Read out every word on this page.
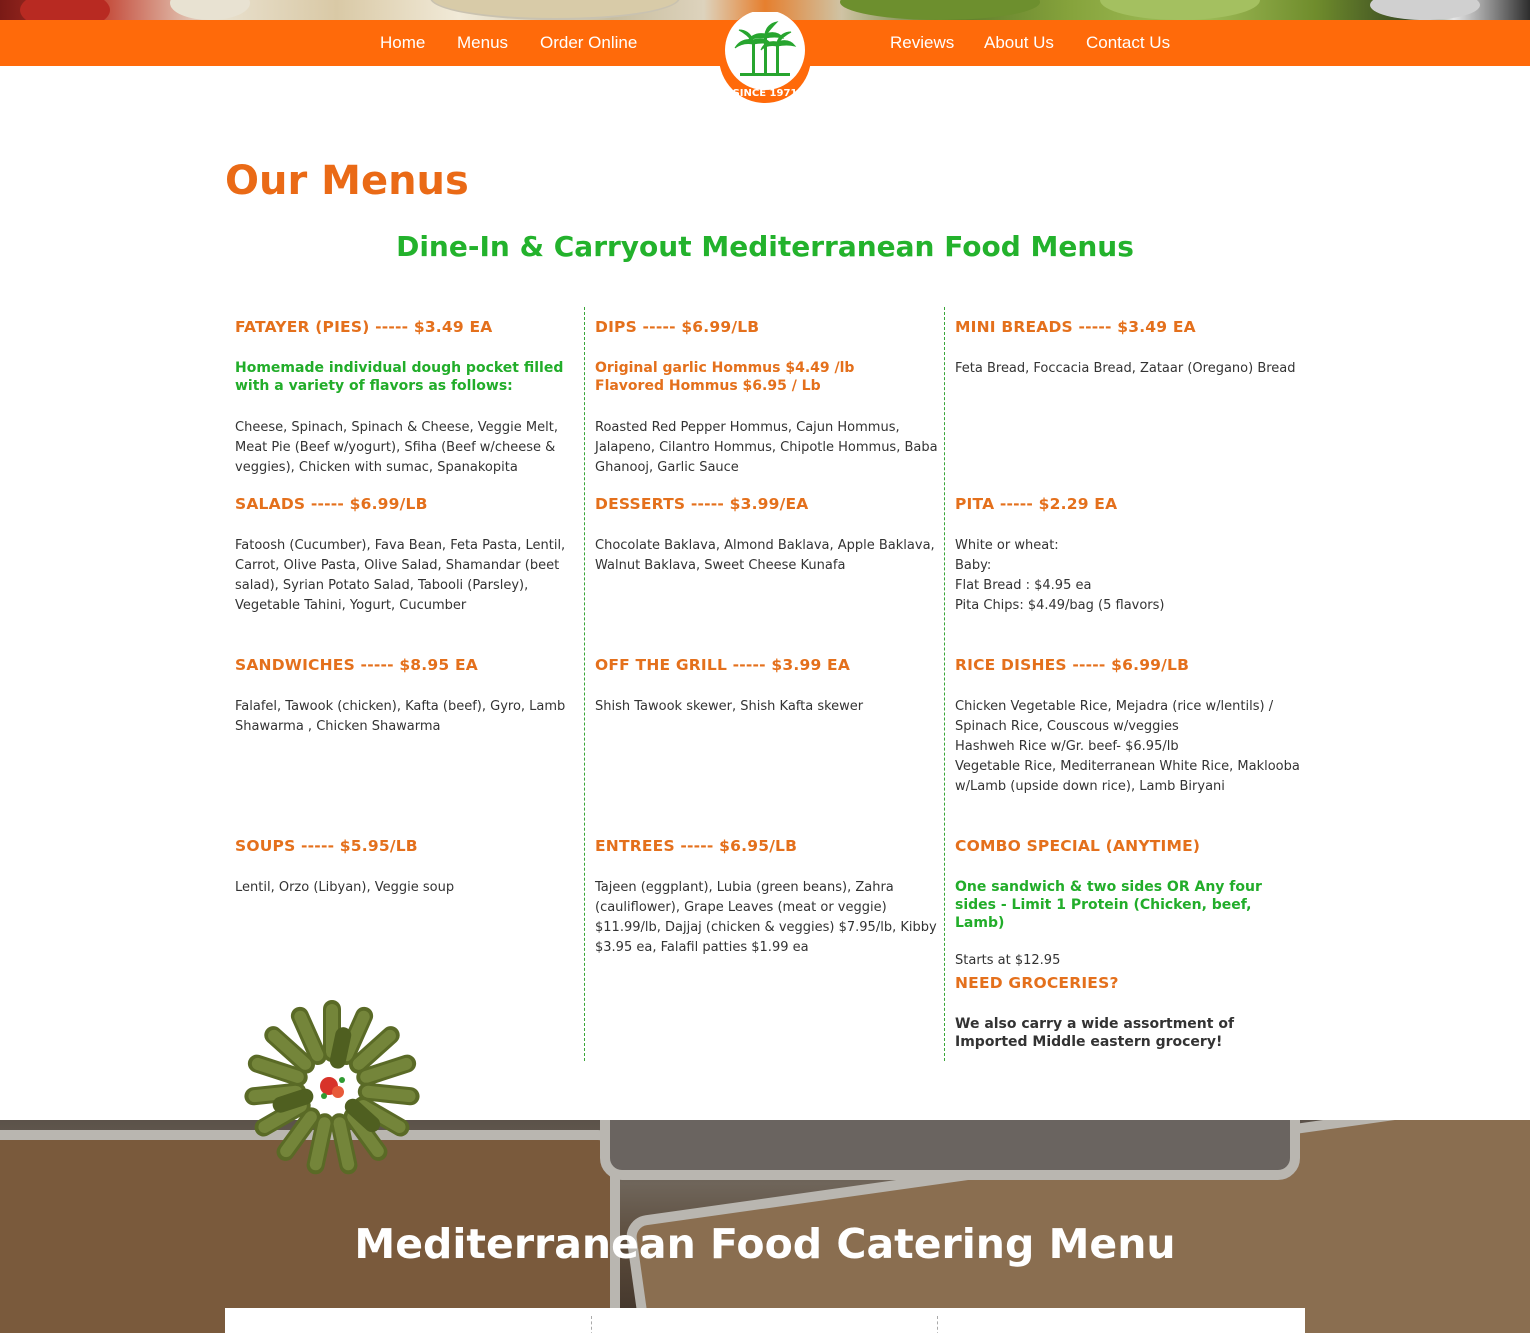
Home Menus Order Online	Reviews About Us Contact Us
SINCE 1971
Our Menus
Dine-In & Carryout Mediterranean Food Menus
FATAYER (PIES) ----- $3.49 EA
Homemade individual dough pocket filled with a variety of flavors as follows:
Cheese, Spinach, Spinach & Cheese, Veggie Melt, Meat Pie (Beef w/yogurt), Sfiha (Beef w/cheese & veggies), Chicken with sumac, Spanakopita
DIPS ----- $6.99/LB
Original garlic Hommus $4.49 /lb
Flavored Hommus $6.95 / Lb
Roasted Red Pepper Hommus, Cajun Hommus, Jalapeno, Cilantro Hommus, Chipotle Hommus, Baba Ghanooj, Garlic Sauce
MINI BREADS ----- $3.49 EA
Feta Bread, Foccacia Bread, Zataar (Oregano) Bread
SALADS ----- $6.99/LB
Fatoosh (Cucumber), Fava Bean, Feta Pasta, Lentil, Carrot, Olive Pasta, Olive Salad, Shamandar (beet salad), Syrian Potato Salad, Tabooli (Parsley), Vegetable Tahini, Yogurt, Cucumber
DESSERTS ----- $3.99/EA
Chocolate Baklava, Almond Baklava, Apple Baklava, Walnut Baklava, Sweet Cheese Kunafa
PITA ----- $2.29 EA
White or wheat:
Baby:
Flat Bread : $4.95 ea
Pita Chips: $4.49/bag (5 flavors)
SANDWICHES ----- $8.95 EA
Falafel, Tawook (chicken), Kafta (beef), Gyro, Lamb Shawarma , Chicken Shawarma
OFF THE GRILL ----- $3.99 EA
Shish Tawook skewer, Shish Kafta skewer
RICE DISHES ----- $6.99/LB
Chicken Vegetable Rice, Mejadra (rice w/lentils) / Spinach Rice, Couscous w/veggies
Hashweh Rice w/Gr. beef- $6.95/lb
Vegetable Rice, Mediterranean White Rice, Maklooba w/Lamb (upside down rice), Lamb Biryani
SOUPS ----- $5.95/LB
Lentil, Orzo (Libyan), Veggie soup
ENTREES ----- $6.95/LB
Tajeen (eggplant), Lubia (green beans), Zahra (cauliflower), Grape Leaves (meat or veggie) $11.99/lb, Dajjaj (chicken & veggies) $7.95/lb, Kibby $3.95 ea, Falafil patties $1.99 ea
COMBO SPECIAL (ANYTIME)
One sandwich & two sides OR Any four sides - Limit 1 Protein (Chicken, beef, Lamb)
Starts at $12.95
NEED GROCERIES?
We also carry a wide assortment of Imported Middle eastern grocery!
Mediterranean Food Catering Menu
